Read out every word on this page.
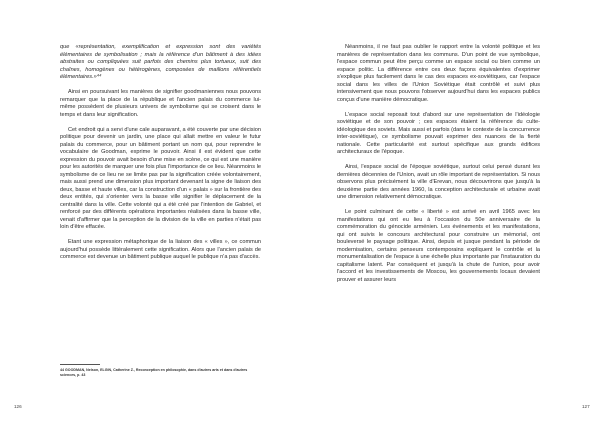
que «représentation, exemplification et expression sont des variétés élémentaires de symbolisation ; mais la référence d'un bâtiment à des idées abstraites ou compliquées suit parfois des chemins plus tortueux, suit des chaînes, homogènes ou hétérogènes, composées de maillons référentiels élémentaires.»⁴⁴

Ainsi en poursuivant les manières de signifier goodmaniennes nous pouvons remarquer que la place de la république et l'ancien palais du commerce lui-même possèdent de plusieurs univers de symbolisme qui se croisent dans le temps et dans leur signification.

Cet endroit qui a servi d'une cale auparavant, a été couverte par une décision politique pour devenir un jardin, une place qui allait mettre en valeur le futur palais du commerce, pour un bâtiment portant un nom qui, pour reprendre le vocabulaire de Goodman, exprime le pouvoir. Ainsi il est évident que cette expression du pouvoir avait besoin d'une mise en scène, ce qui est une manière pour les autorités de marquer une fois plus l'importance de ce lieu. Néanmoins le symbolisme de ce lieu ne se limite pas par la signification créée volontairement, mais aussi prend une dimension plus important devenant la signe de liaison des deux, basse et haute villes, car la construction d'un « palais » sur la frontière des deux entités, qui s'orienter vers la basse ville signifier le déplacement de la centralité dans la ville. Cette volonté qui a été créé par l'intention de Gabriel, et renforcé par des différents opérations importantes réalisées dans la basse ville, venait d'affirmer que la perception de la division de la ville en parties n'était pas loin d'être effacée.

Etant une expression métaphorique de la liaison des « villes », ce commun aujourd'hui possède littéralement cette signification. Alors que l'ancien palais de commerce est devenue un bâtiment publique auquel le publique n'a pas d'accès.

44 GOODMAN, Nelson, ELGIN, Catherine Z., Reconception en philosophie, dans d'autres arts et dans d'autres sciences, p. 43
126

Néanmoins, il ne faut pas oublier le rapport entre la volonté politique et les manières de représentation dans les communs. D'un point de vue symbolique, l'espace commun peut être perçu comme un espace social ou bien comme un espace politic. La différence entre ces deux façons équivalentes d'exprimer s'explique plus facilement dans le cas des espaces ex-soviétiques, car l'espace social dans les villes de l'Union Soviétique était contrôlé et suivi plus intensivement que nous pouvons l'observer aujourd'hui dans les espaces publics conçus d'une manière démocratique.

L'espace social reposait tout d'abord sur une représentation de l'idéologie soviétique et de son pouvoir ; ces espaces étaient la référence du culte-idéologique des soviets. Mais aussi et parfois (dans le contexte de la concurrence inter-soviétique), ce symbolisme pouvait exprimer des nuances de la fierté nationale. Cette particularité est surtout spécifique aux grands édifices architecturaux de l'époque.

Ainsi, l'espace social de l'époque soviétique, surtout celui pensé durant les dernières décennies de l'Union, avait un rôle important de représentation. Si nous observons plus précisément la ville d'Erevan, nous découvrirons que jusqu'à la deuxième partie des années 1960, la conception architecturale et urbaine avait une dimension relativement démocratique.

Le point culminant de cette « liberté » est arrivé en avril 1965 avec les manifestations qui ont eu lieu à l'occasion du 50e anniversaire de la commémoration du génocide arménien. Les événements et les manifestations, qui ont suivis le concours architectural pour construire un mémorial, ont bouleversé le paysage politique. Ainsi, depuis et jusque pendant la période de modernisation, certains penseurs contemporains expliquent le contrôle et la monumentalisation de l'espace à une échelle plus importante par l'instauration du capitalisme latent. Par conséquent et jusqu'à la chute de l'union, pour avoir l'accord et les investissements de Moscou, les gouvernements locaux devaient prouver et assurer leurs

127
